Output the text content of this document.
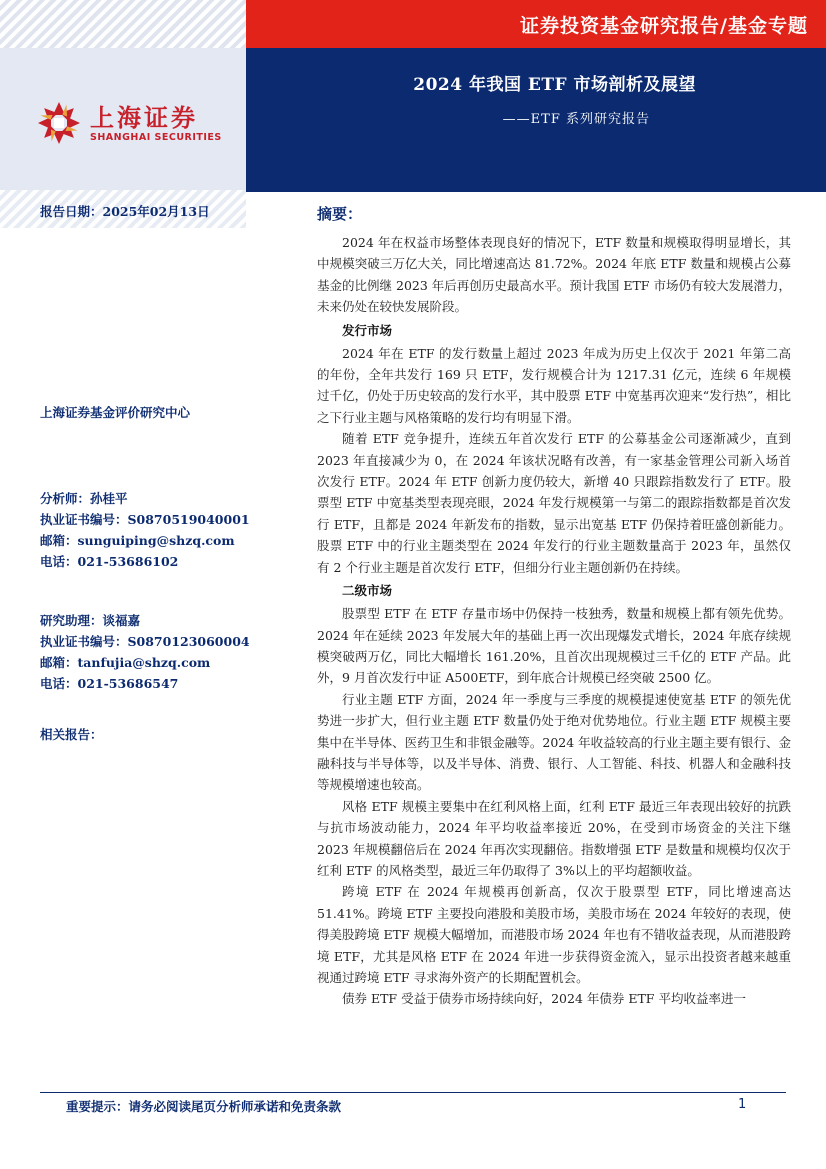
证券投资基金研究报告/基金专题
上海证券
SHANGHAI SECURITIES
2024 年我国 ETF 市场剖析及展望
——ETF 系列研究报告
报告日期：2025年02月13日
上海证券基金评价研究中心
分析师：孙桂平
执业证书编号：S0870519040001
邮箱：sunguiping@shzq.com
电话：021-53686102
研究助理：谈福嘉
执业证书编号：S0870123060004
邮箱：tanfujia@shzq.com
电话：021-53686547
相关报告：
摘要：

2024 年在权益市场整体表现良好的情况下，ETF 数量和规模取得明显增长，其中规模突破三万亿大关，同比增速高达 81.72%。2024 年底 ETF 数量和规模占公募基金的比例继 2023 年后再创历史最高水平。预计我国 ETF 市场仍有较大发展潜力，未来仍处在较快发展阶段。

发行市场

2024 年在 ETF 的发行数量上超过 2023 年成为历史上仅次于 2021 年第二高的年份，全年共发行 169 只 ETF，发行规模合计为 1217.31 亿元，连续 6 年规模过千亿，仍处于历史较高的发行水平，其中股票 ETF 中宽基再次迎来“发行热”，相比之下行业主题与风格策略的发行均有明显下滑。

随着 ETF 竞争提升，连续五年首次发行 ETF 的公募基金公司逐渐减少，直到 2023 年直接减少为 0，在 2024 年该状况略有改善，有一家基金管理公司新入场首次发行 ETF。2024 年 ETF 创新力度仍较大，新增 40 只跟踪指数发行了 ETF。股票型 ETF 中宽基类型表现亮眼，2024 年发行规模第一与第二的跟踪指数都是首次发行 ETF，且都是 2024 年新发布的指数，显示出宽基 ETF 仍保持着旺盛创新能力。股票 ETF 中的行业主题类型在 2024 年发行的行业主题数量高于 2023 年，虽然仅有 2 个行业主题是首次发行 ETF，但细分行业主题创新仍在持续。

二级市场

股票型 ETF 在 ETF 存量市场中仍保持一枝独秀，数量和规模上都有领先优势。2024 年在延续 2023 年发展大年的基础上再一次出现爆发式增长，2024 年底存续规模突破两万亿，同比大幅增长 161.20%，且首次出现规模过三千亿的 ETF 产品。此外，9 月首次发行中证 A500ETF，到年底合计规模已经突破 2500 亿。

行业主题 ETF 方面，2024 年一季度与三季度的规模提速使宽基 ETF 的领先优势进一步扩大，但行业主题 ETF 数量仍处于绝对优势地位。行业主题 ETF 规模主要集中在半导体、医药卫生和非银金融等。2024 年收益较高的行业主题主要有银行、金融科技与半导体等，以及半导体、消费、银行、人工智能、科技、机器人和金融科技等规模增速也较高。

风格 ETF 规模主要集中在红利风格上面，红利 ETF 最近三年表现出较好的抗跌与抗市场波动能力，2024 年平均收益率接近 20%，在受到市场资金的关注下继 2023 年规模翻倍后在 2024 年再次实现翻倍。指数增强 ETF 是数量和规模均仅次于红利 ETF 的风格类型，最近三年仍取得了 3%以上的平均超额收益。

跨境 ETF 在 2024 年规模再创新高，仅次于股票型 ETF，同比增速高达 51.41%。跨境 ETF 主要投向港股和美股市场，美股市场在 2024 年较好的表现，使得美股跨境 ETF 规模大幅增加，而港股市场 2024 年也有不错收益表现，从而港股跨境 ETF，尤其是风格 ETF 在 2024 年进一步获得资金流入，显示出投资者越来越重视通过跨境 ETF 寻求海外资产的长期配置机会。

债券 ETF 受益于债券市场持续向好，2024 年债券 ETF 平均收益率进一

重要提示：请务必阅读尾页分析师承诺和免责条款	1
